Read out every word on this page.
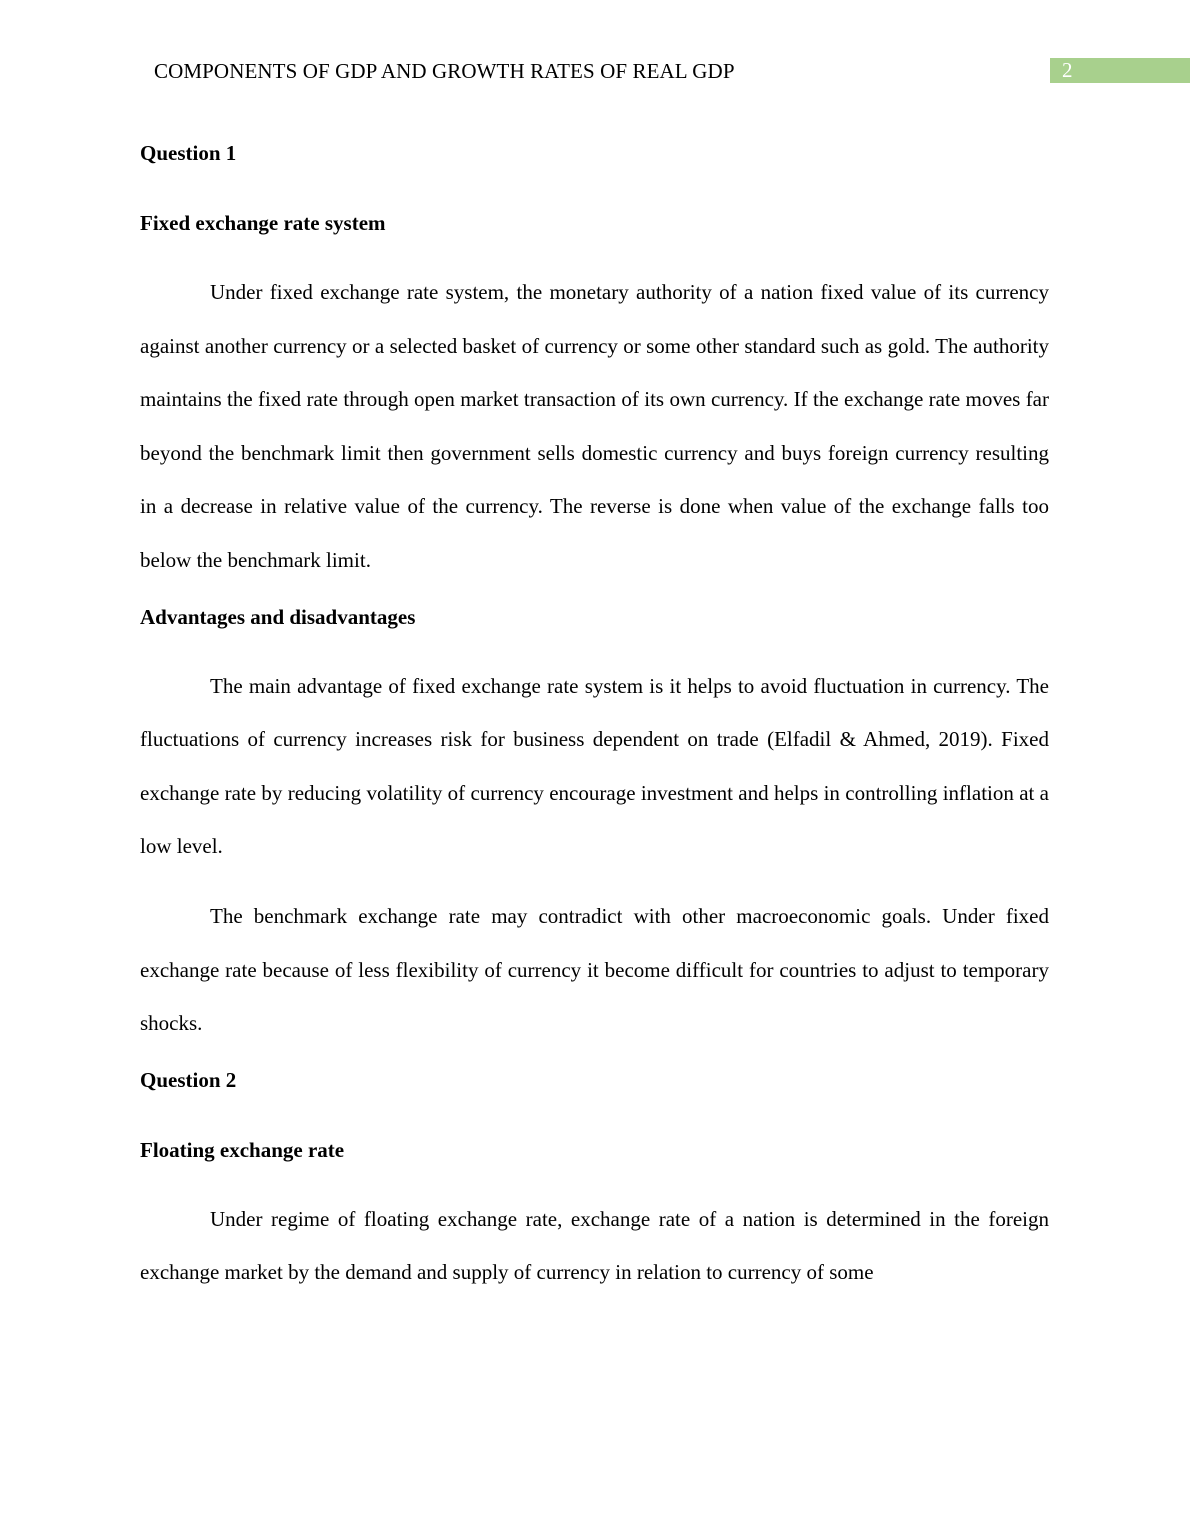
COMPONENTS OF GDP AND GROWTH RATES OF REAL GDP	2

Question 1

Fixed exchange rate system

Under fixed exchange rate system, the monetary authority of a nation fixed value of its currency against another currency or a selected basket of currency or some other standard such as gold. The authority maintains the fixed rate through open market transaction of its own currency. If the exchange rate moves far beyond the benchmark limit then government sells domestic currency and buys foreign currency resulting in a decrease in relative value of the currency. The reverse is done when value of the exchange falls too below the benchmark limit.

Advantages and disadvantages

The main advantage of fixed exchange rate system is it helps to avoid fluctuation in currency. The fluctuations of currency increases risk for business dependent on trade (Elfadil & Ahmed, 2019). Fixed exchange rate by reducing volatility of currency encourage investment and helps in controlling inflation at a low level.

The benchmark exchange rate may contradict with other macroeconomic goals. Under fixed exchange rate because of less flexibility of currency it become difficult for countries to adjust to temporary shocks.

Question 2

Floating exchange rate

Under regime of floating exchange rate, exchange rate of a nation is determined in the foreign exchange market by the demand and supply of currency in relation to currency of some
